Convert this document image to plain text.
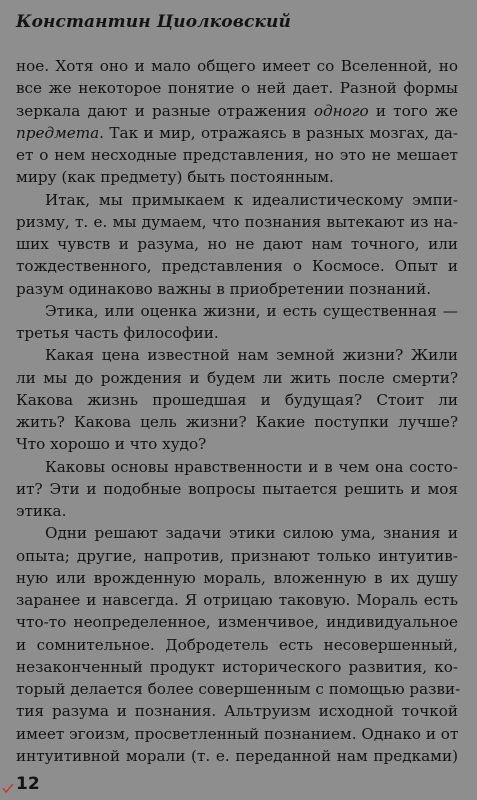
Константин Циолковский
ное. Хотя оно и мало общего имеет со Вселенной, но
все же некоторое понятие о ней дает. Разной формы
зеркала дают и разные отражения одного и того же
предмета. Так и мир, отражаясь в разных мозгах, да-
ет о нем несходные представления, но это не мешает
миру (как предмету) быть постоянным.
Итак, мы примыкаем к идеалистическому эмпи-
ризму, т. е. мы думаем, что познания вытекают из на-
ших чувств и разума, но не дают нам точного, или
тождественного, представления о Космосе. Опыт и
разум одинаково важны в приобретении познаний.
Этика, или оценка жизни, и есть существенная —
третья часть философии.
Какая цена известной нам земной жизни? Жили
ли мы до рождения и будем ли жить после смерти?
Какова жизнь прошедшая и будущая? Стоит ли
жить? Какова цель жизни? Какие поступки лучше?
Что хорошо и что худо?
Каковы основы нравственности и в чем она состо-
ит? Эти и подобные вопросы пытается решить и моя
этика.
Одни решают задачи этики силою ума, знания и
опыта; другие, напротив, признают только интуитив-
ную или врожденную мораль, вложенную в их душу
заранее и навсегда. Я отрицаю таковую. Мораль есть
что-то неопределенное, изменчивое, индивидуальное
и сомнительное. Добродетель есть несовершенный,
незаконченный продукт исторического развития, ко-
торый делается более совершенным с помощью разви-
тия разума и познания. Альтруизм исходной точкой
имеет эгоизм, просветленный познанием. Однако и от
интуитивной морали (т. е. переданной нам предками)
12
